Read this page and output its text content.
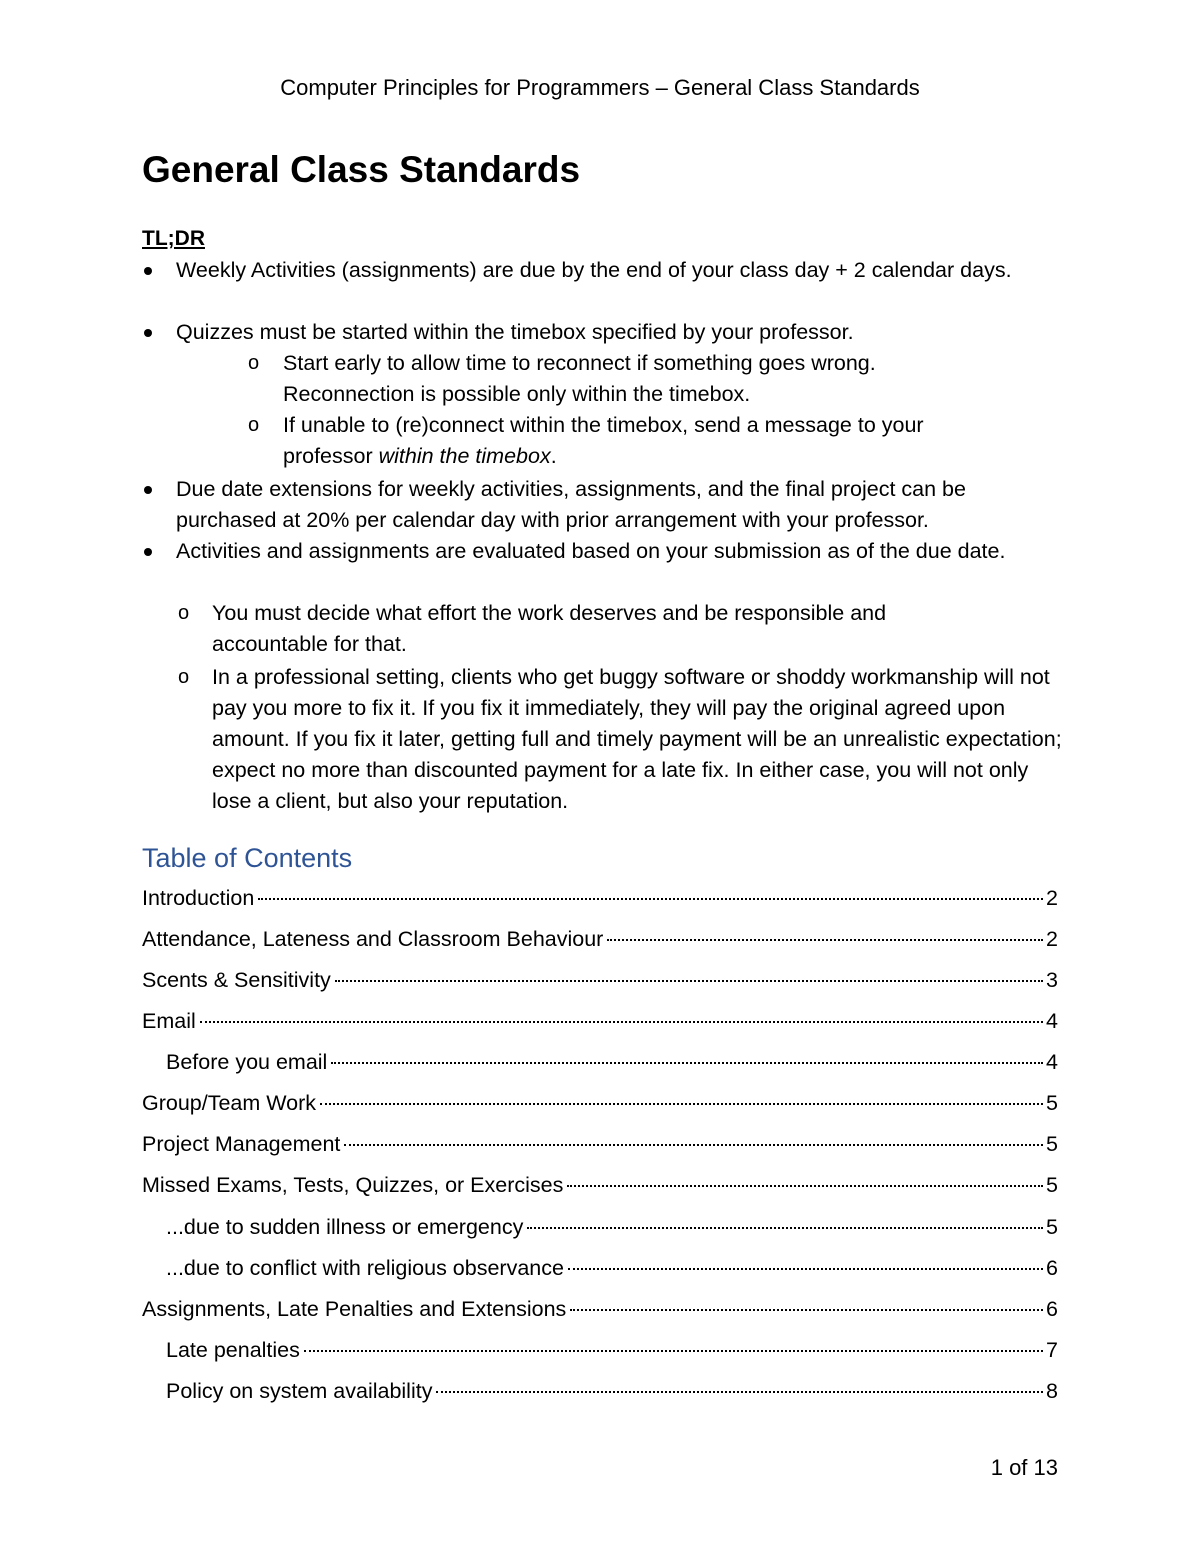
Computer Principles for Programmers – General Class Standards
General Class Standards
TL;DR
Weekly Activities (assignments) are due by the end of your class day + 2 calendar days.
Quizzes must be started within the timebox specified by your professor.
o Start early to allow time to reconnect if something goes wrong. Reconnection is possible only within the timebox.
o If unable to (re)connect within the timebox, send a message to your professor within the timebox.
Due date extensions for weekly activities, assignments, and the final project can be purchased at 20% per calendar day with prior arrangement with your professor.
Activities and assignments are evaluated based on your submission as of the due date.
o You must decide what effort the work deserves and be responsible and accountable for that.
o In a professional setting, clients who get buggy software or shoddy workmanship will not pay you more to fix it. If you fix it immediately, they will pay the original agreed upon amount. If you fix it later, getting full and timely payment will be an unrealistic expectation; expect no more than discounted payment for a late fix. In either case, you will not only lose a client, but also your reputation.
Table of Contents
Introduction	2
Attendance, Lateness and Classroom Behaviour	2
Scents & Sensitivity	3
Email	4
Before you email	4
Group/Team Work	5
Project Management	5
Missed Exams, Tests, Quizzes, or Exercises	5
...due to sudden illness or emergency	5
...due to conflict with religious observance	6
Assignments, Late Penalties and Extensions	6
Late penalties	7
Policy on system availability	8
1 of 13
